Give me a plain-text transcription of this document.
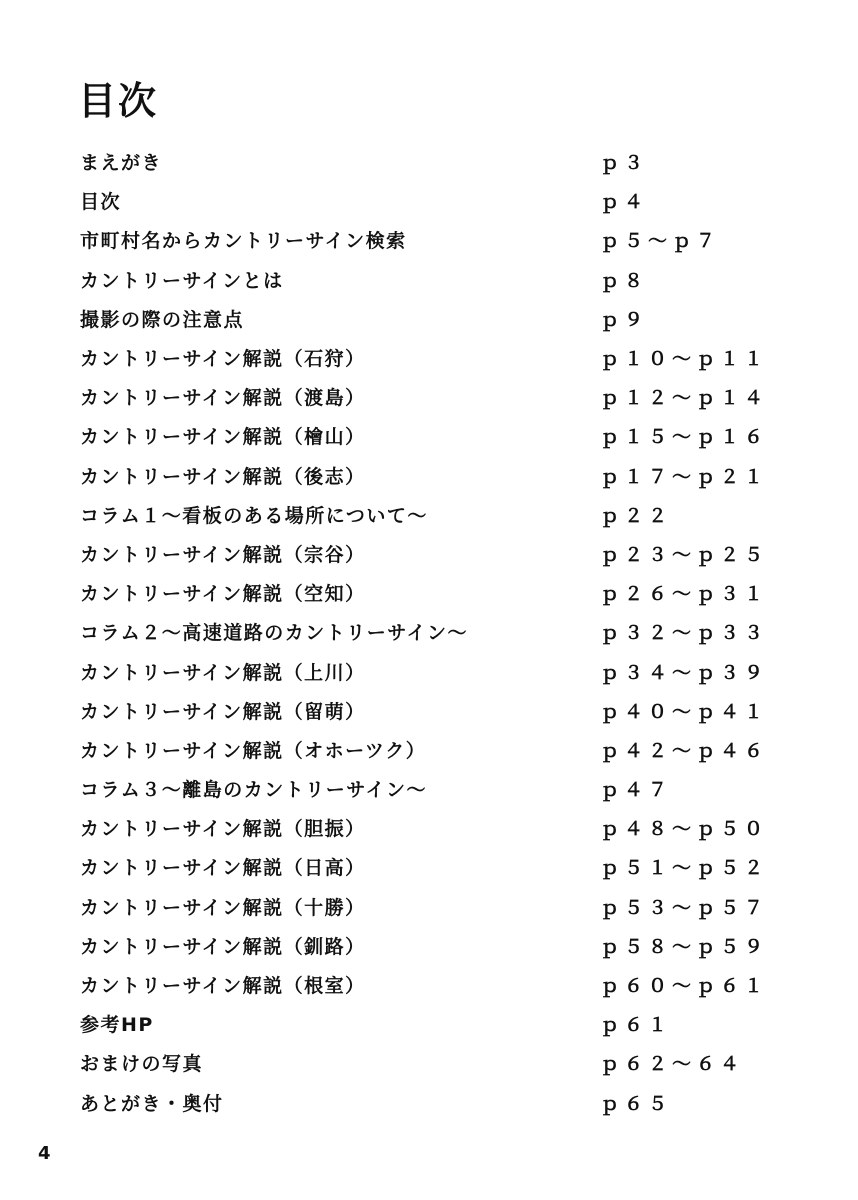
目次
まえがき	ｐ３
目次	ｐ４
市町村名からカントリーサイン検索	ｐ５～ｐ７
カントリーサインとは	ｐ８
撮影の際の注意点	ｐ９
カントリーサイン解説（石狩）	ｐ１０～ｐ１１
カントリーサイン解説（渡島）	ｐ１２～ｐ１４
カントリーサイン解説（檜山）	ｐ１５～ｐ１６
カントリーサイン解説（後志）	ｐ１７～ｐ２１
コラム１～看板のある場所について～	ｐ２２
カントリーサイン解説（宗谷）	ｐ２３～ｐ２５
カントリーサイン解説（空知）	ｐ２６～ｐ３１
コラム２～高速道路のカントリーサイン～	ｐ３２～ｐ３３
カントリーサイン解説（上川）	ｐ３４～ｐ３９
カントリーサイン解説（留萌）	ｐ４０～ｐ４１
カントリーサイン解説（オホーツク）	ｐ４２～ｐ４６
コラム３～離島のカントリーサイン～	ｐ４７
カントリーサイン解説（胆振）	ｐ４８～ｐ５０
カントリーサイン解説（日高）	ｐ５１～ｐ５２
カントリーサイン解説（十勝）	ｐ５３～ｐ５７
カントリーサイン解説（釧路）	ｐ５８～ｐ５９
カントリーサイン解説（根室）	ｐ６０～ｐ６１
参考HP	ｐ６１
おまけの写真	ｐ６２～６４
あとがき・奥付	ｐ６５
4
